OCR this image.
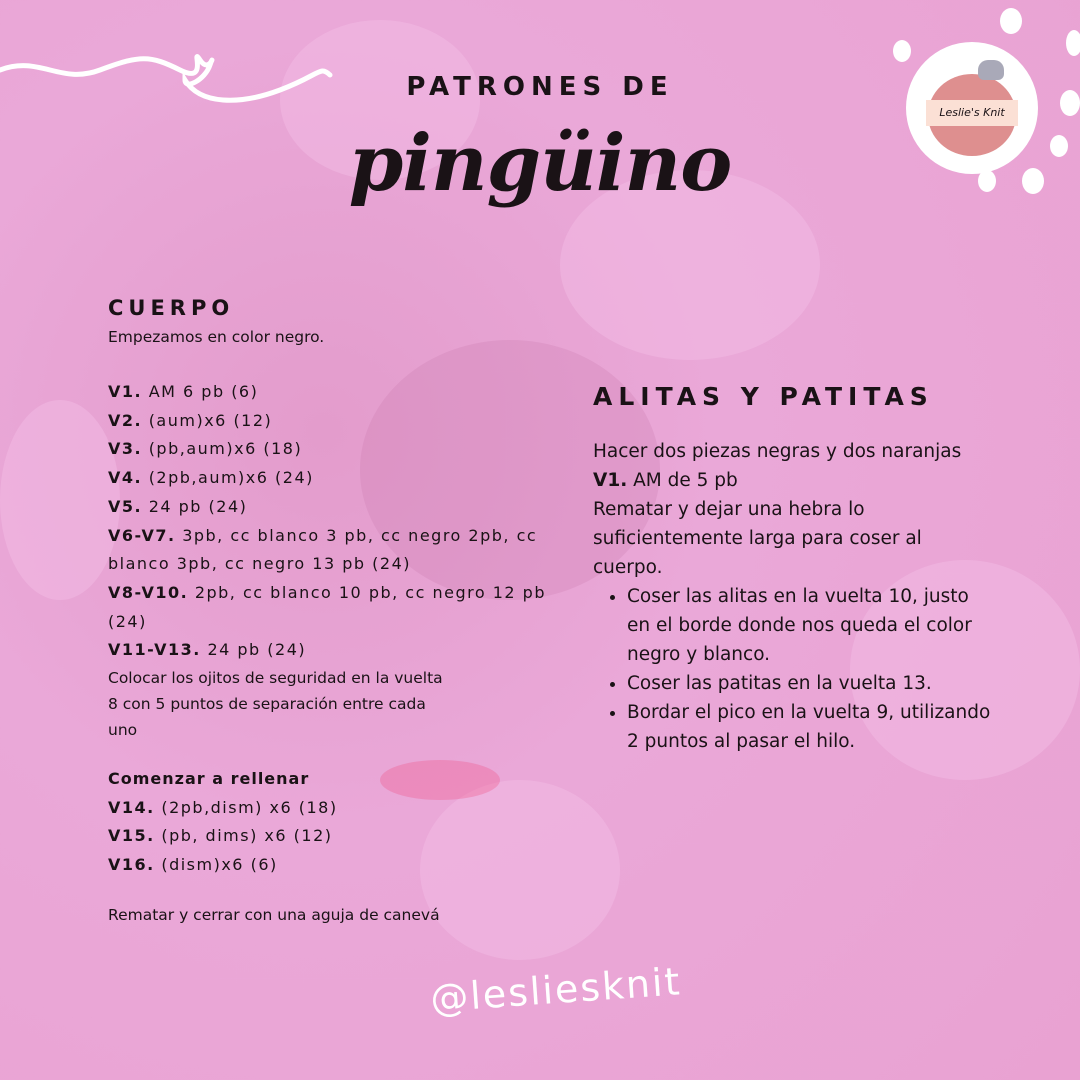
Leslie's Knit
PATRONES DE
pingüino
CUERPO
Empezamos en color negro.
V1. AM 6 pb (6)
V2. (aum)x6 (12)
V3. (pb,aum)x6 (18)
V4. (2pb,aum)x6 (24)
V5. 24 pb (24)
V6-V7. 3pb, cc blanco 3 pb, cc negro 2pb, cc blanco 3pb, cc negro 13 pb (24)
V8-V10. 2pb, cc blanco 10 pb, cc negro 12 pb (24)
V11-V13. 24 pb (24)
Colocar los ojitos de seguridad en la vuelta 8 con 5 puntos de separación entre cada uno
Comenzar a rellenar
V14. (2pb,dism) x6 (18)
V15. (pb, dims) x6 (12)
V16. (dism)x6 (6)
Rematar y cerrar con una aguja de canevá
ALITAS Y PATITAS
Hacer dos piezas negras y dos naranjas
V1. AM de 5 pb
Rematar y dejar una hebra lo suficientemente larga para coser al cuerpo.
• Coser las alitas en la vuelta 10, justo en el borde donde nos queda el color negro y blanco.
• Coser las patitas en la vuelta 13.
• Bordar el pico en la vuelta 9, utilizando 2 puntos al pasar el hilo.
@lesliesknit
